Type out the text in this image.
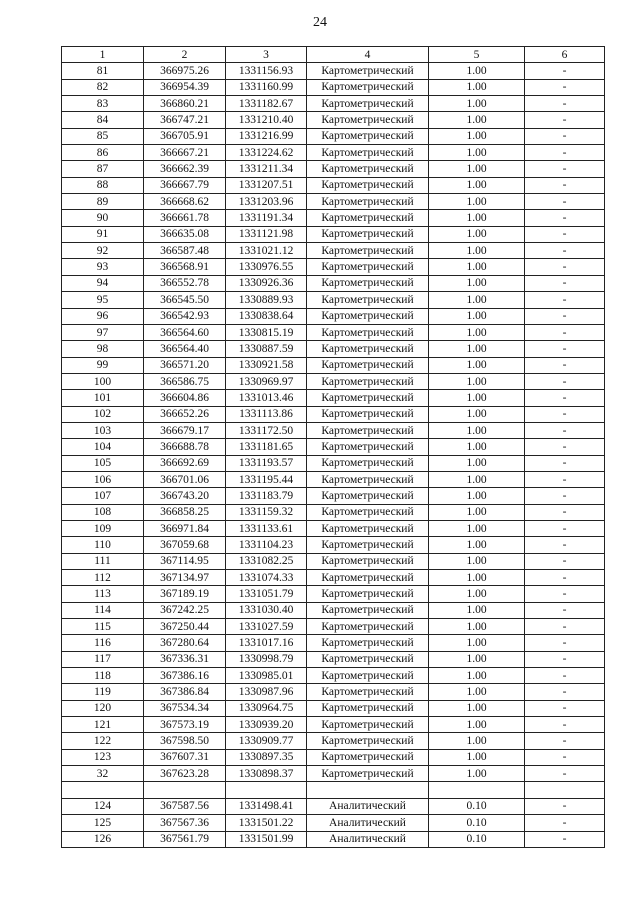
24
1	2	3	4	5	6
81	366975.26	1331156.93	Картометрический	1.00	-
82	366954.39	1331160.99	Картометрический	1.00	-
83	366860.21	1331182.67	Картометрический	1.00	-
84	366747.21	1331210.40	Картометрический	1.00	-
85	366705.91	1331216.99	Картометрический	1.00	-
86	366667.21	1331224.62	Картометрический	1.00	-
87	366662.39	1331211.34	Картометрический	1.00	-
88	366667.79	1331207.51	Картометрический	1.00	-
89	366668.62	1331203.96	Картометрический	1.00	-
90	366661.78	1331191.34	Картометрический	1.00	-
91	366635.08	1331121.98	Картометрический	1.00	-
92	366587.48	1331021.12	Картометрический	1.00	-
93	366568.91	1330976.55	Картометрический	1.00	-
94	366552.78	1330926.36	Картометрический	1.00	-
95	366545.50	1330889.93	Картометрический	1.00	-
96	366542.93	1330838.64	Картометрический	1.00	-
97	366564.60	1330815.19	Картометрический	1.00	-
98	366564.40	1330887.59	Картометрический	1.00	-
99	366571.20	1330921.58	Картометрический	1.00	-
100	366586.75	1330969.97	Картометрический	1.00	-
101	366604.86	1331013.46	Картометрический	1.00	-
102	366652.26	1331113.86	Картометрический	1.00	-
103	366679.17	1331172.50	Картометрический	1.00	-
104	366688.78	1331181.65	Картометрический	1.00	-
105	366692.69	1331193.57	Картометрический	1.00	-
106	366701.06	1331195.44	Картометрический	1.00	-
107	366743.20	1331183.79	Картометрический	1.00	-
108	366858.25	1331159.32	Картометрический	1.00	-
109	366971.84	1331133.61	Картометрический	1.00	-
110	367059.68	1331104.23	Картометрический	1.00	-
111	367114.95	1331082.25	Картометрический	1.00	-
112	367134.97	1331074.33	Картометрический	1.00	-
113	367189.19	1331051.79	Картометрический	1.00	-
114	367242.25	1331030.40	Картометрический	1.00	-
115	367250.44	1331027.59	Картометрический	1.00	-
116	367280.64	1331017.16	Картометрический	1.00	-
117	367336.31	1330998.79	Картометрический	1.00	-
118	367386.16	1330985.01	Картометрический	1.00	-
119	367386.84	1330987.96	Картометрический	1.00	-
120	367534.34	1330964.75	Картометрический	1.00	-
121	367573.19	1330939.20	Картометрический	1.00	-
122	367598.50	1330909.77	Картометрический	1.00	-
123	367607.31	1330897.35	Картометрический	1.00	-
32	367623.28	1330898.37	Картометрический	1.00	-

124	367587.56	1331498.41	Аналитический	0.10	-
125	367567.36	1331501.22	Аналитический	0.10	-
126	367561.79	1331501.99	Аналитический	0.10	-
